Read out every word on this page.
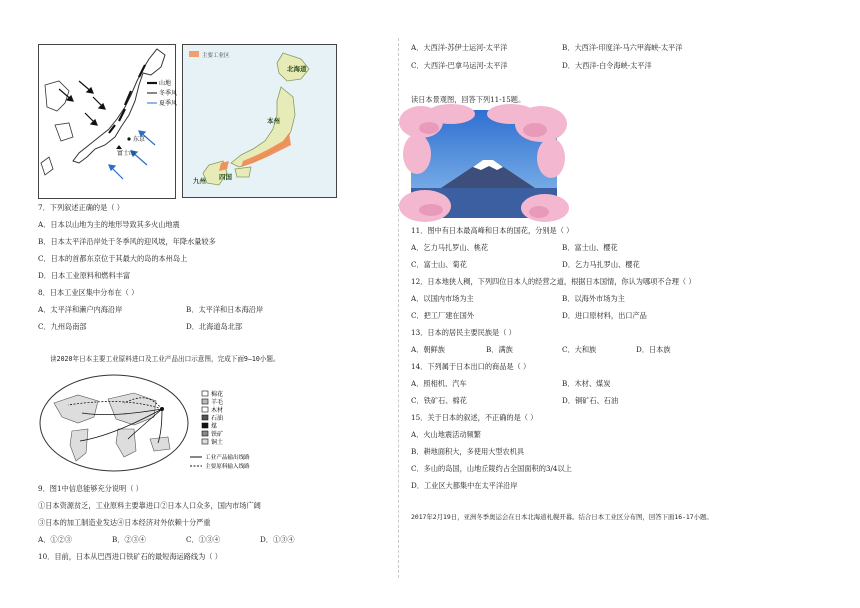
山地
冬季风
夏季风
东京
富士山
主要工业区
北海道
本州
九州 四国
7．下列叙述正确的是（ ）
A．日本以山地为主的地形导致其多火山地震
B．日本太平洋沿岸处于冬季风的迎风坡，年降水量较多
C．日本的首都东京位于其最大的岛的本州岛上
D．日本工业原料和燃料丰富
8．日本工业区集中分布在（ ）
A．太平洋和濑户内海沿岸	B．太平洋和日本海沿岸
C．九州岛南部	D．北海道岛北部
读2020年日本主要工业原料进口及工业产品出口示意图，完成下面9—10小题。
棉花
羊毛
木材
石油
煤
铁矿
铜土
工业产品输出线路
主要原料输入线路
9．图1中信息能够充分说明（ ）
①日本资源贫乏，工业原料主要靠进口②日本人口众多，国内市场广阔
③日本的加工制造业发达④日本经济对外依赖十分严重
A．①②③	B．②③④	C．①③④	D．①③④
10．目前，日本从巴西进口铁矿石的最短海运路线为（ ）
A．大西洋-苏伊士运河-太平洋	B．大西洋-印度洋-马六甲海峡-太平洋
C．大西洋-巴拿马运河-太平洋	D．大西洋-白令海峡-太平洋
读日本景观图，回答下列11-15题。
11．图中有日本最高峰和日本的国花，分别是（ ）
A．乞力马扎罗山、桃花	B．富士山、樱花
C．富士山、菊花	D．乞力马扎罗山、樱花
12．日本地狭人稠，下列四位日本人的经营之道，根据日本国情，你认为哪项不合理（ ）
A．以国内市场为主	B．以海外市场为主
C．把工厂建在国外	D．进口原材料，出口产品
13．日本的居民主要民族是（ ）
A．朝鲜族	B．满族	C．大和族	D．日本族
14．下列属于日本出口的商品是（ ）
A．照相机、汽车	B．木材、煤炭
C．铁矿石、棉花	D．铜矿石、石油
15．关于日本的叙述，不正确的是（ ）
A．火山地震活动频繁
B．耕地面积大，多使用大型农机具
C．多山的岛国，山地丘陵约占全国面积的3/4以上
D．工业区大都集中在太平洋沿岸
2017年2月19日，亚洲冬季奥运会在日本北海道札幌开幕。结合日本工业区分布图，回答下面16-17小题。
